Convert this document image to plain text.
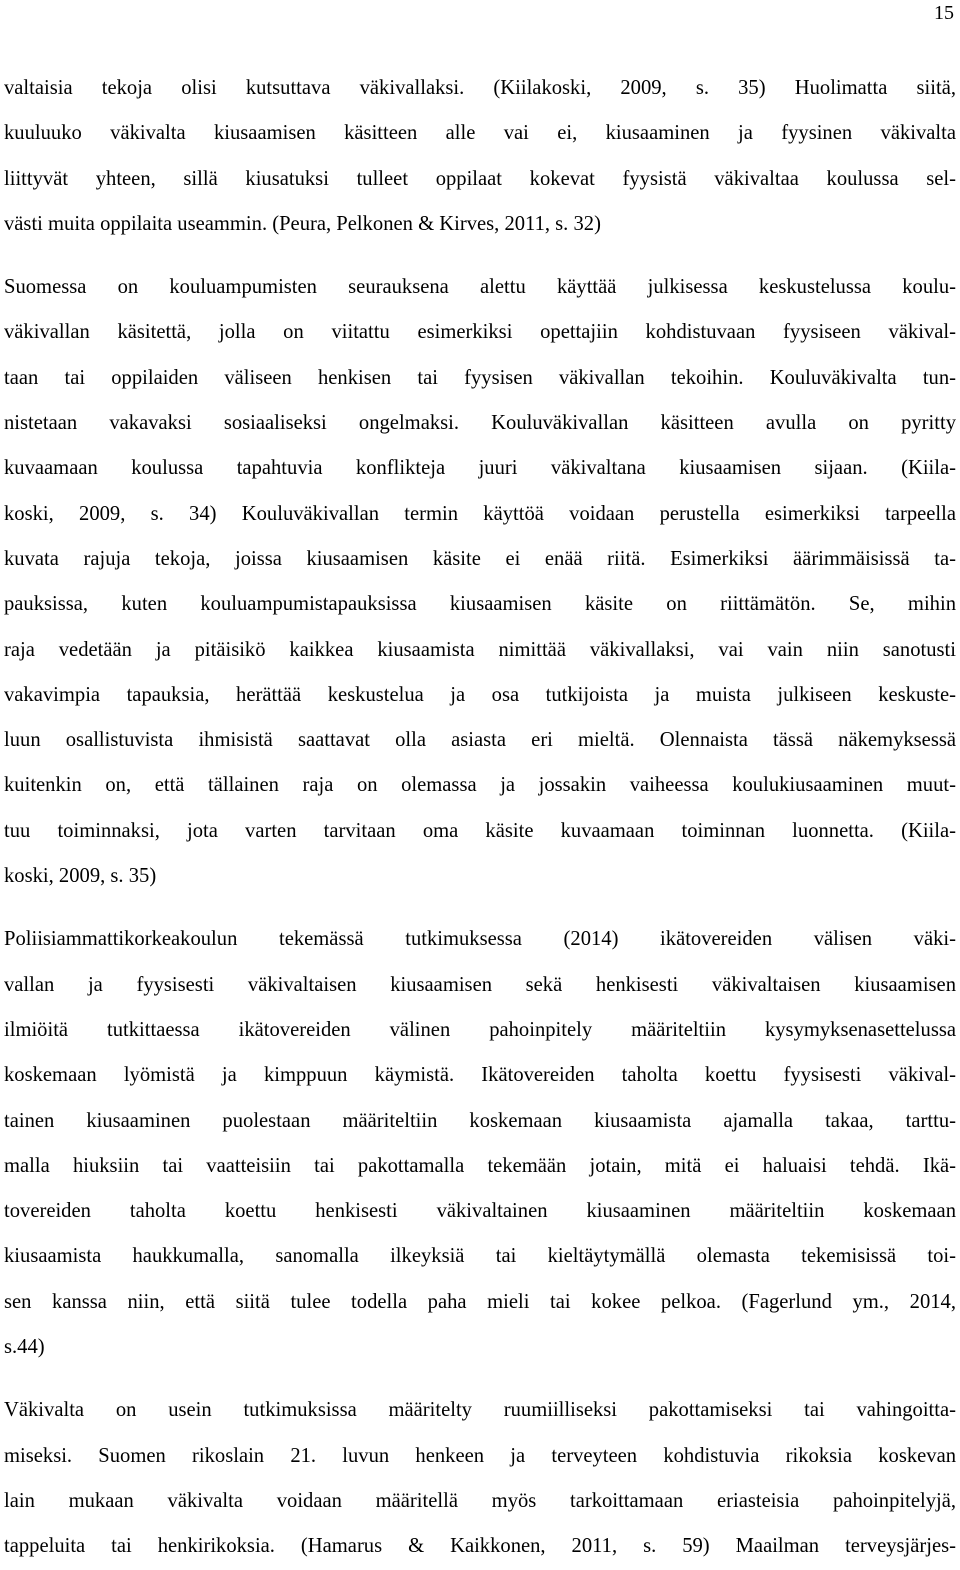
15
valtaisia tekoja olisi kutsuttava väkivallaksi. (Kiilakoski, 2009, s. 35) Huolimatta siitä,
kuuluuko väkivalta kiusaamisen käsitteen alle vai ei, kiusaaminen ja fyysinen väkivalta
liittyvät yhteen, sillä kiusatuksi tulleet oppilaat kokevat fyysistä väkivaltaa koulussa sel-
västi muita oppilaita useammin. (Peura, Pelkonen & Kirves, 2011, s. 32)
Suomessa on kouluampumisten seurauksena alettu käyttää julkisessa keskustelussa koulu-
väkivallan käsitettä, jolla on viitattu esimerkiksi opettajiin kohdistuvaan fyysiseen väkival-
taan tai oppilaiden väliseen henkisen tai fyysisen väkivallan tekoihin. Kouluväkivalta tun-
nistetaan vakavaksi sosiaaliseksi ongelmaksi. Kouluväkivallan käsitteen avulla on pyritty
kuvaamaan koulussa tapahtuvia konflikteja juuri väkivaltana kiusaamisen sijaan. (Kiila-
koski, 2009, s. 34) Kouluväkivallan termin käyttöä voidaan perustella esimerkiksi tarpeella
kuvata rajuja tekoja, joissa kiusaamisen käsite ei enää riitä. Esimerkiksi äärimmäisissä ta-
pauksissa, kuten kouluampumistapauksissa kiusaamisen käsite on riittämätön. Se, mihin
raja vedetään ja pitäisikö kaikkea kiusaamista nimittää väkivallaksi, vai vain niin sanotusti
vakavimpia tapauksia, herättää keskustelua ja osa tutkijoista ja muista julkiseen keskuste-
luun osallistuvista ihmisistä saattavat olla asiasta eri mieltä. Olennaista tässä näkemyksessä
kuitenkin on, että tällainen raja on olemassa ja jossakin vaiheessa koulukiusaaminen muut-
tuu toiminnaksi, jota varten tarvitaan oma käsite kuvaamaan toiminnan luonnetta. (Kiila-
koski, 2009, s. 35)
Poliisiammattikorkeakoulun tekemässä tutkimuksessa (2014) ikätovereiden välisen väki-
vallan ja fyysisesti väkivaltaisen kiusaamisen sekä henkisesti väkivaltaisen kiusaamisen
ilmiöitä tutkittaessa ikätovereiden välinen pahoinpitely määriteltiin kysymyksenasettelussa
koskemaan lyömistä ja kimppuun käymistä. Ikätovereiden taholta koettu fyysisesti väkival-
tainen kiusaaminen puolestaan määriteltiin koskemaan kiusaamista ajamalla takaa, tarttu-
malla hiuksiin tai vaatteisiin tai pakottamalla tekemään jotain, mitä ei haluaisi tehdä. Ikä-
tovereiden taholta koettu henkisesti väkivaltainen kiusaaminen määriteltiin koskemaan
kiusaamista haukkumalla, sanomalla ilkeyksiä tai kieltäytymällä olemasta tekemisissä toi-
sen kanssa niin, että siitä tulee todella paha mieli tai kokee pelkoa. (Fagerlund ym., 2014,
s.44)
Väkivalta on usein tutkimuksissa määritelty ruumiilliseksi pakottamiseksi tai vahingoitta-
miseksi. Suomen rikoslain 21. luvun henkeen ja terveyteen kohdistuvia rikoksia koskevan
lain mukaan väkivalta voidaan määritellä myös tarkoittamaan eriasteisia pahoinpitelyjä,
tappeluita tai henkirikoksia. (Hamarus & Kaikkonen, 2011, s. 59) Maailman terveysjärjes-
